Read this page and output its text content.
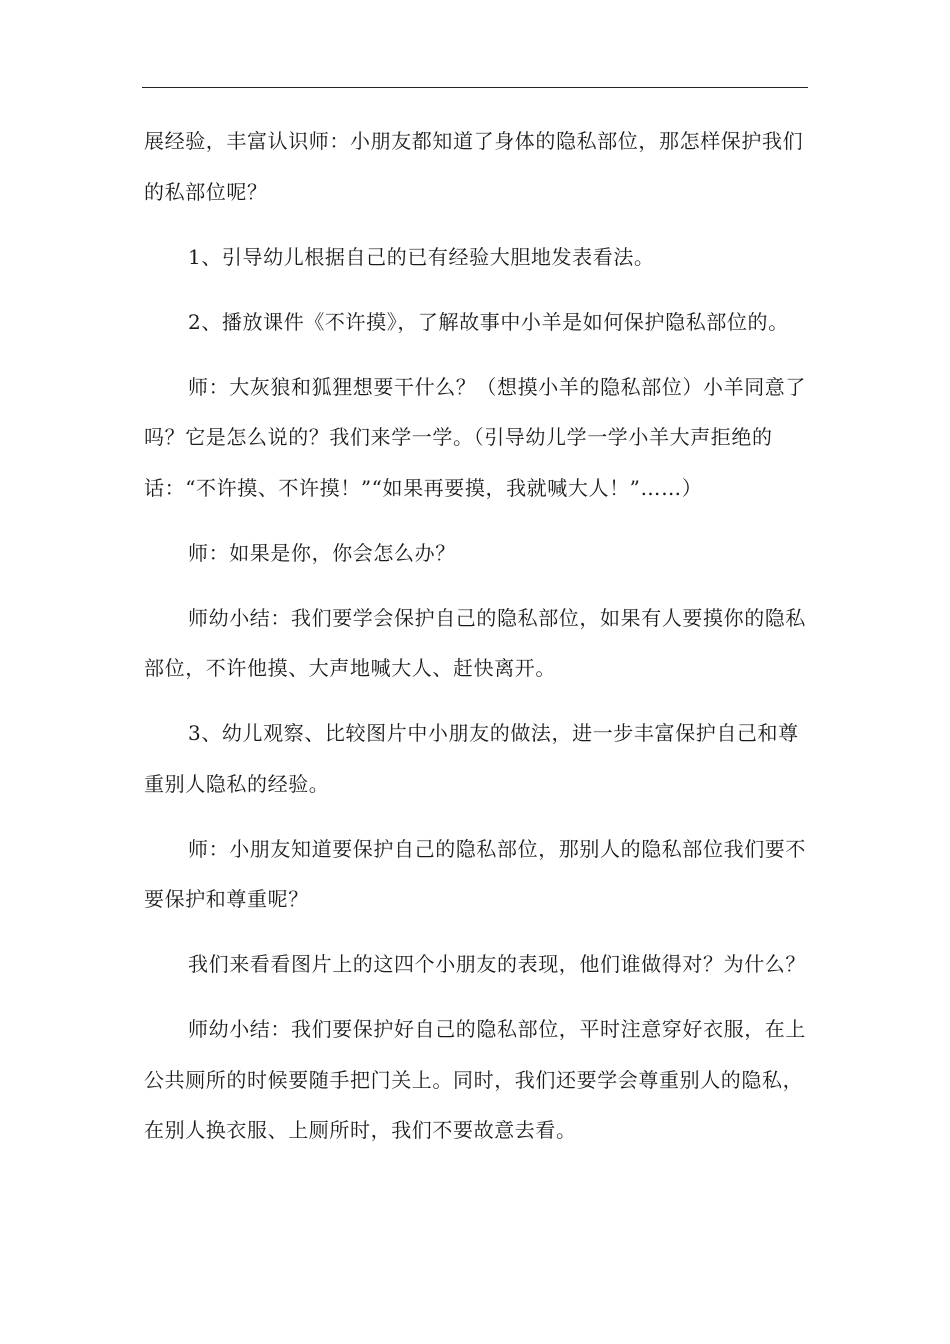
展经验，丰富认识师：小朋友都知道了身体的隐私部位，那怎样保护我们的私部位呢？

1、引导幼儿根据自己的已有经验大胆地发表看法。

2、播放课件《不许摸》，了解故事中小羊是如何保护隐私部位的。

师：大灰狼和狐狸想要干什么？（想摸小羊的隐私部位）小羊同意了吗？它是怎么说的？我们来学一学。（引导幼儿学一学小羊大声拒绝的话：“不许摸、不许摸！”“如果再要摸，我就喊大人！”……）

师：如果是你，你会怎么办？

师幼小结：我们要学会保护自己的隐私部位，如果有人要摸你的隐私部位，不许他摸、大声地喊大人、赶快离开。

3、幼儿观察、比较图片中小朋友的做法，进一步丰富保护自己和尊重别人隐私的经验。

师：小朋友知道要保护自己的隐私部位，那别人的隐私部位我们要不要保护和尊重呢？

我们来看看图片上的这四个小朋友的表现，他们谁做得对？为什么？

师幼小结：我们要保护好自己的隐私部位，平时注意穿好衣服，在上公共厕所的时候要随手把门关上。同时，我们还要学会尊重别人的隐私，在别人换衣服、上厕所时，我们不要故意去看。
